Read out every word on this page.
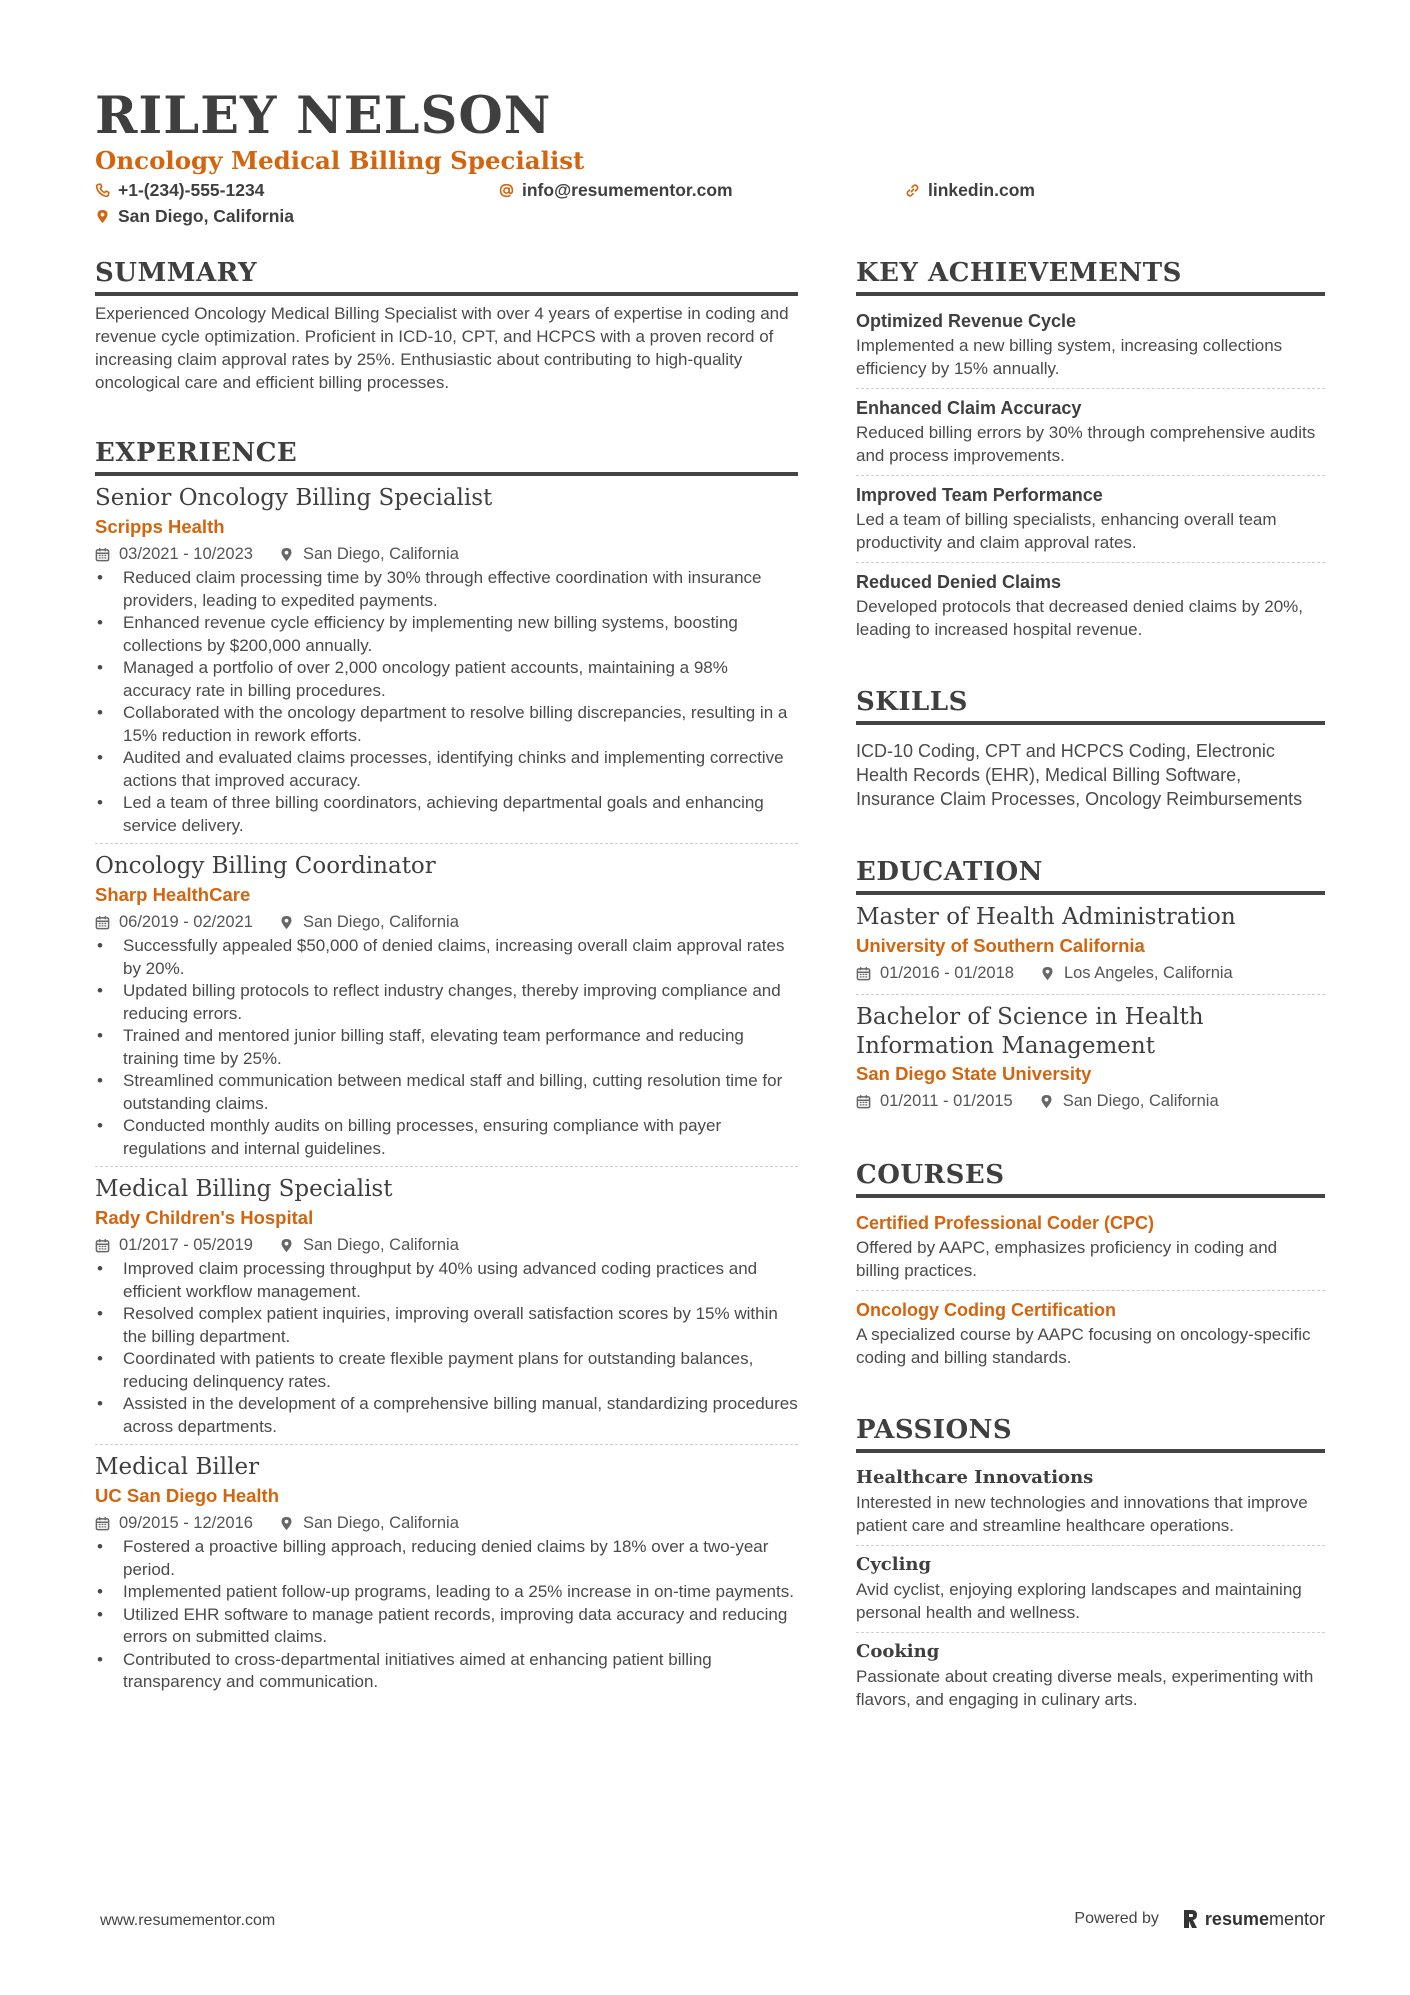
RILEY NELSON
Oncology Medical Billing Specialist
+1-(234)-555-1234	info@resumementor.com	linkedin.com
San Diego, California
SUMMARY

Experienced Oncology Medical Billing Specialist with over 4 years of expertise in coding and revenue cycle optimization. Proficient in ICD-10, CPT, and HCPCS with a proven record of increasing claim approval rates by 25%. Enthusiastic about contributing to high-quality oncological care and efficient billing processes.

EXPERIENCE
Senior Oncology Billing Specialist
Scripps Health
03/2021 - 10/2023	San Diego, California
• Reduced claim processing time by 30% through effective coordination with insurance providers, leading to expedited payments.
• Enhanced revenue cycle efficiency by implementing new billing systems, boosting collections by $200,000 annually.
• Managed a portfolio of over 2,000 oncology patient accounts, maintaining a 98% accuracy rate in billing procedures.
• Collaborated with the oncology department to resolve billing discrepancies, resulting in a 15% reduction in rework efforts.
• Audited and evaluated claims processes, identifying chinks and implementing corrective actions that improved accuracy.
• Led a team of three billing coordinators, achieving departmental goals and enhancing service delivery.
Oncology Billing Coordinator
Sharp HealthCare
06/2019 - 02/2021	San Diego, California
• Successfully appealed $50,000 of denied claims, increasing overall claim approval rates by 20%.
• Updated billing protocols to reflect industry changes, thereby improving compliance and reducing errors.
• Trained and mentored junior billing staff, elevating team performance and reducing training time by 25%.
• Streamlined communication between medical staff and billing, cutting resolution time for outstanding claims.
• Conducted monthly audits on billing processes, ensuring compliance with payer regulations and internal guidelines.
Medical Billing Specialist
Rady Children's Hospital
01/2017 - 05/2019	San Diego, California
• Improved claim processing throughput by 40% using advanced coding practices and efficient workflow management.
• Resolved complex patient inquiries, improving overall satisfaction scores by 15% within the billing department.
• Coordinated with patients to create flexible payment plans for outstanding balances, reducing delinquency rates.
• Assisted in the development of a comprehensive billing manual, standardizing procedures across departments.
Medical Biller
UC San Diego Health
09/2015 - 12/2016	San Diego, California
• Fostered a proactive billing approach, reducing denied claims by 18% over a two-year period.
• Implemented patient follow-up programs, leading to a 25% increase in on-time payments.
• Utilized EHR software to manage patient records, improving data accuracy and reducing errors on submitted claims.
• Contributed to cross-departmental initiatives aimed at enhancing patient billing transparency and communication.
KEY ACHIEVEMENTS
Optimized Revenue Cycle

Implemented a new billing system, increasing collections efficiency by 15% annually.

Enhanced Claim Accuracy

Reduced billing errors by 30% through comprehensive audits and process improvements.

Improved Team Performance

Led a team of billing specialists, enhancing overall team productivity and claim approval rates.

Reduced Denied Claims

Developed protocols that decreased denied claims by 20%, leading to increased hospital revenue.

SKILLS

ICD-10 Coding, CPT and HCPCS Coding, Electronic Health Records (EHR), Medical Billing Software, Insurance Claim Processes, Oncology Reimbursements

EDUCATION
Master of Health Administration
University of Southern California
01/2016 - 01/2018	Los Angeles, California
Bachelor of Science in Health Information Management
San Diego State University
01/2011 - 01/2015	San Diego, California
COURSES
Certified Professional Coder (CPC)

Offered by AAPC, emphasizes proficiency in coding and billing practices.

Oncology Coding Certification

A specialized course by AAPC focusing on oncology-specific coding and billing standards.

PASSIONS
Healthcare Innovations

Interested in new technologies and innovations that improve patient care and streamline healthcare operations.

Cycling

Avid cyclist, enjoying exploring landscapes and maintaining personal health and wellness.

Cooking

Passionate about creating diverse meals, experimenting with flavors, and engaging in culinary arts.

www.resumementor.com	Powered by	resumementor
